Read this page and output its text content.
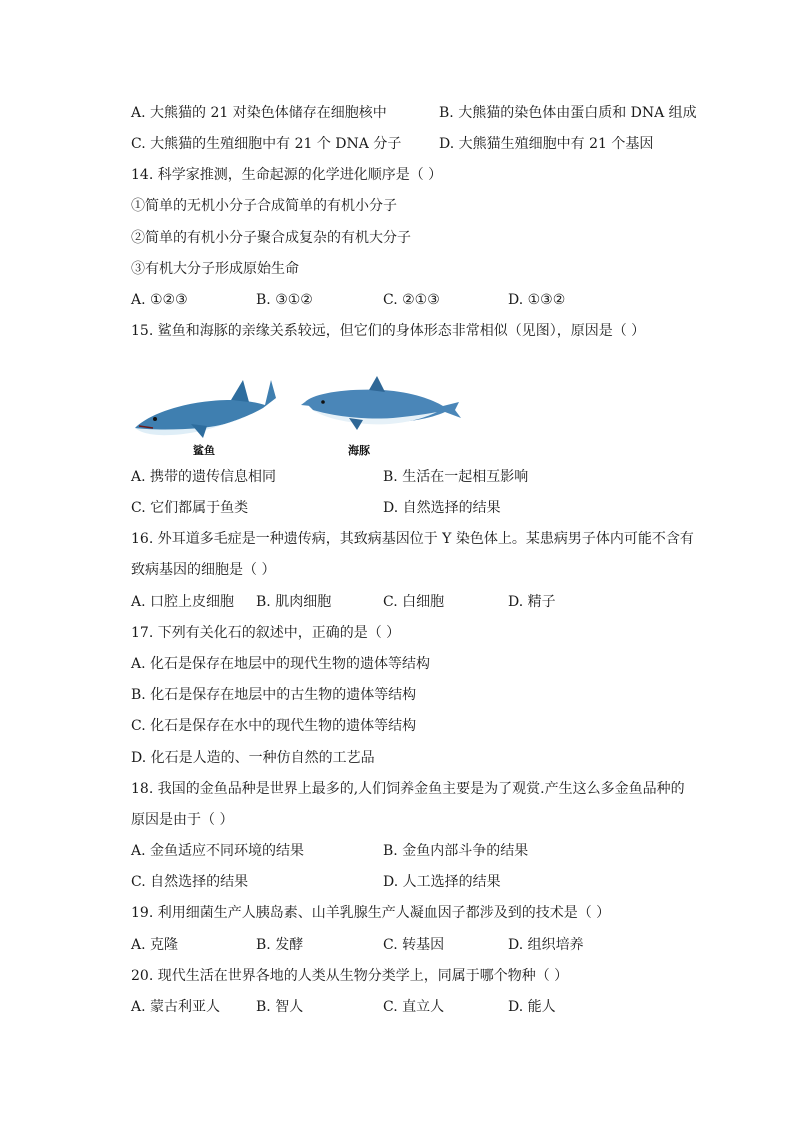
A. 大熊猫的 21 对染色体储存在细胞核中	B. 大熊猫的染色体由蛋白质和 DNA 组成
C. 大熊猫的生殖细胞中有 21 个 DNA 分子	D. 大熊猫生殖细胞中有 21 个基因
14. 科学家推测，生命起源的化学进化顺序是（ ）
①简单的无机小分子合成简单的有机小分子
②简单的有机小分子聚合成复杂的有机大分子
③有机大分子形成原始生命
A. ①②③	B. ③①②	C. ②①③	D. ①③②
15. 鲨鱼和海豚的亲缘关系较远，但它们的身体形态非常相似（见图），原因是（ ）
鲨鱼	海豚
A. 携带的遗传信息相同	B. 生活在一起相互影响
C. 它们都属于鱼类	D. 自然选择的结果
16. 外耳道多毛症是一种遗传病，其致病基因位于 Y 染色体上。某患病男子体内可能不含有
致病基因的细胞是（ ）
A. 口腔上皮细胞 B. 肌肉细胞	C. 白细胞	D. 精子
17. 下列有关化石的叙述中，正确的是（ ）
A. 化石是保存在地层中的现代生物的遗体等结构
B. 化石是保存在地层中的古生物的遗体等结构
C. 化石是保存在水中的现代生物的遗体等结构
D. 化石是人造的、一种仿自然的工艺品
18. 我国的金鱼品种是世界上最多的,人们饲养金鱼主要是为了观赏.产生这么多金鱼品种的
原因是由于（ ）
A. 金鱼适应不同环境的结果	B. 金鱼内部斗争的结果
C. 自然选择的结果	D. 人工选择的结果
19. 利用细菌生产人胰岛素、山羊乳腺生产人凝血因子都涉及到的技术是（ ）
A. 克隆	B. 发酵	C. 转基因	D. 组织培养
20. 现代生活在世界各地的人类从生物分类学上，同属于哪个物种（ ）
A. 蒙古利亚人	B. 智人	C. 直立人	D. 能人
